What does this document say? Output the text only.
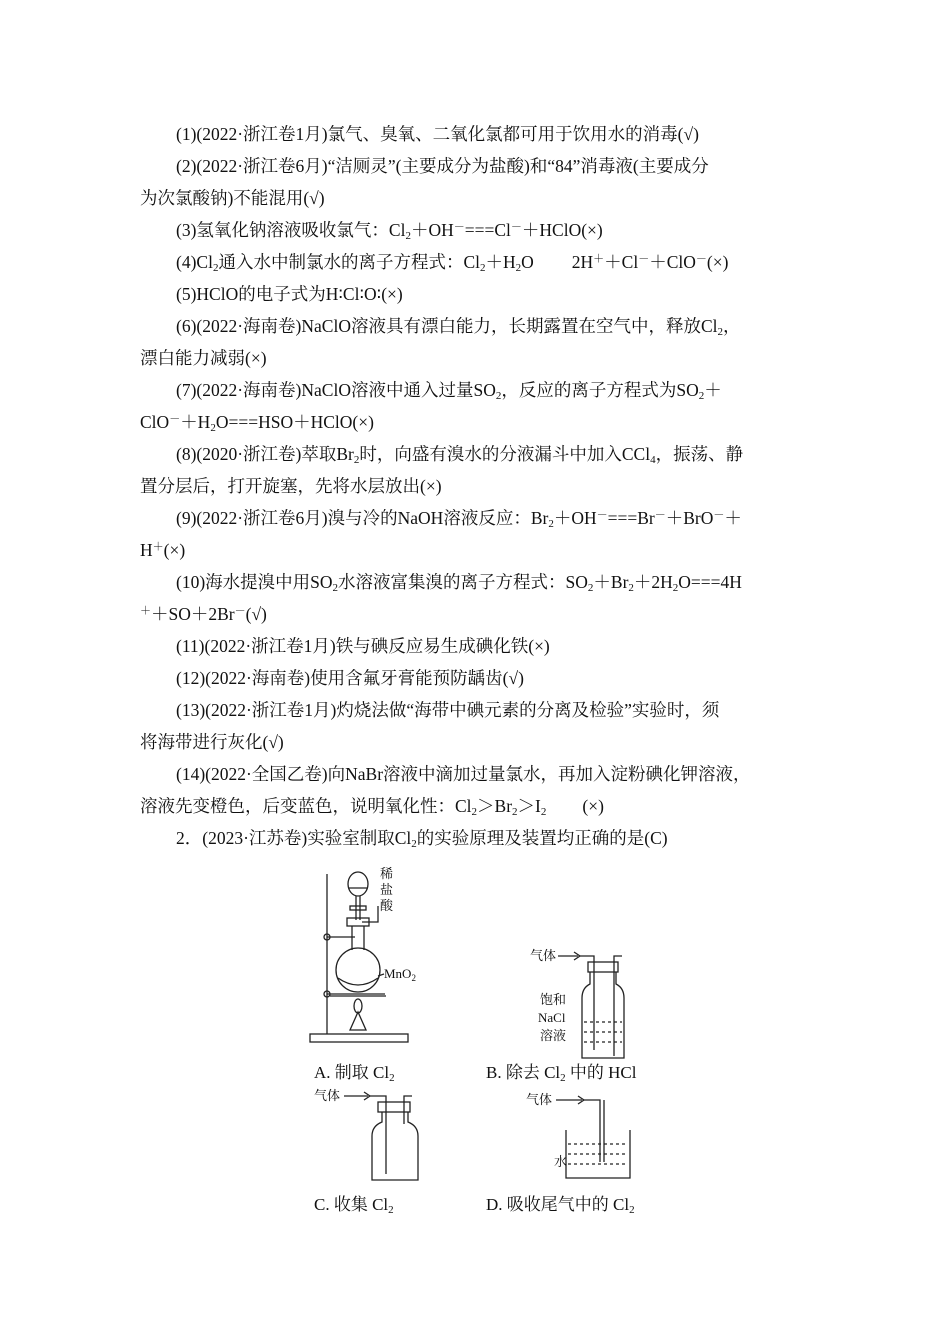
(1)(2022·浙江卷1月)氯气、臭氧、二氧化氯都可用于饮用水的消毒(√)
(2)(2022·浙江卷6月)“洁厕灵”(主要成分为盐酸)和“84”消毒液(主要成分
为次氯酸钠)不能混用(√)
(3)氢氧化钠溶液吸收氯气：$Cl_2+OH^-===Cl^-+HClO(\times)$
$(4)Cl_2$通入水中制氯水的离子方程式：$Cl_2+H_2O$ 2H＋＋Cl－＋ClO－(×)
(5)HClO的电子式为H∶Cl∶O∶(×)
(6)(2022·海南卷)NaClO溶液具有漂白能力，长期露置在空气中，释放$Cl_2$，
漂白能力减弱(×)
(7)(2022·海南卷)NaClO溶液中通入过量$SO_2$，反应的离子方程式为$SO_2+$
$ClO^-+H_2O===HSO+HClO(\times)$
(8)(2020·浙江卷)萃取$Br_2$时，向盛有溴水的分液漏斗中加入CCl$_4$，振荡、静
置分层后，打开旋塞，先将水层放出(×)
(9)(2022·浙江卷6月)溴与冷的NaOH溶液反应：$Br_2+OH^-===Br^-+BrO^-+$
H＋(×)
(10)海水提溴中用$SO_2$水溶液富集溴的离子方程式：$SO_2+Br_2+2H_2O===4H$
＋＋SO＋2Br－(√)
(11)(2022·浙江卷1月)铁与碘反应易生成碘化铁(×)
(12)(2022·海南卷)使用含氟牙膏能预防龋齿(√)
(13)(2022·浙江卷1月)灼烧法做“海带中碘元素的分离及检验”实验时，须
将海带进行灰化(√)
(14)(2022·全国乙卷)向NaBr溶液中滴加过量氯水，再加入淀粉碘化钾溶液，
溶液先变橙色，后变蓝色，说明氧化性：$Cl_2>Br_2>I_2$ (×)
2．(2023·江苏卷)实验室制取$Cl_2$的实验原理及装置均正确的是(C)
稀
盐
酸
MnO$_2$
气体
饱和
NaCl
溶液
气体	气体
水
A. 制取 $Cl_2$	B. 除去 $Cl_2$ 中的 HCl
C. 收集 $Cl_2$	D. 吸收尾气中的 $Cl_2$
